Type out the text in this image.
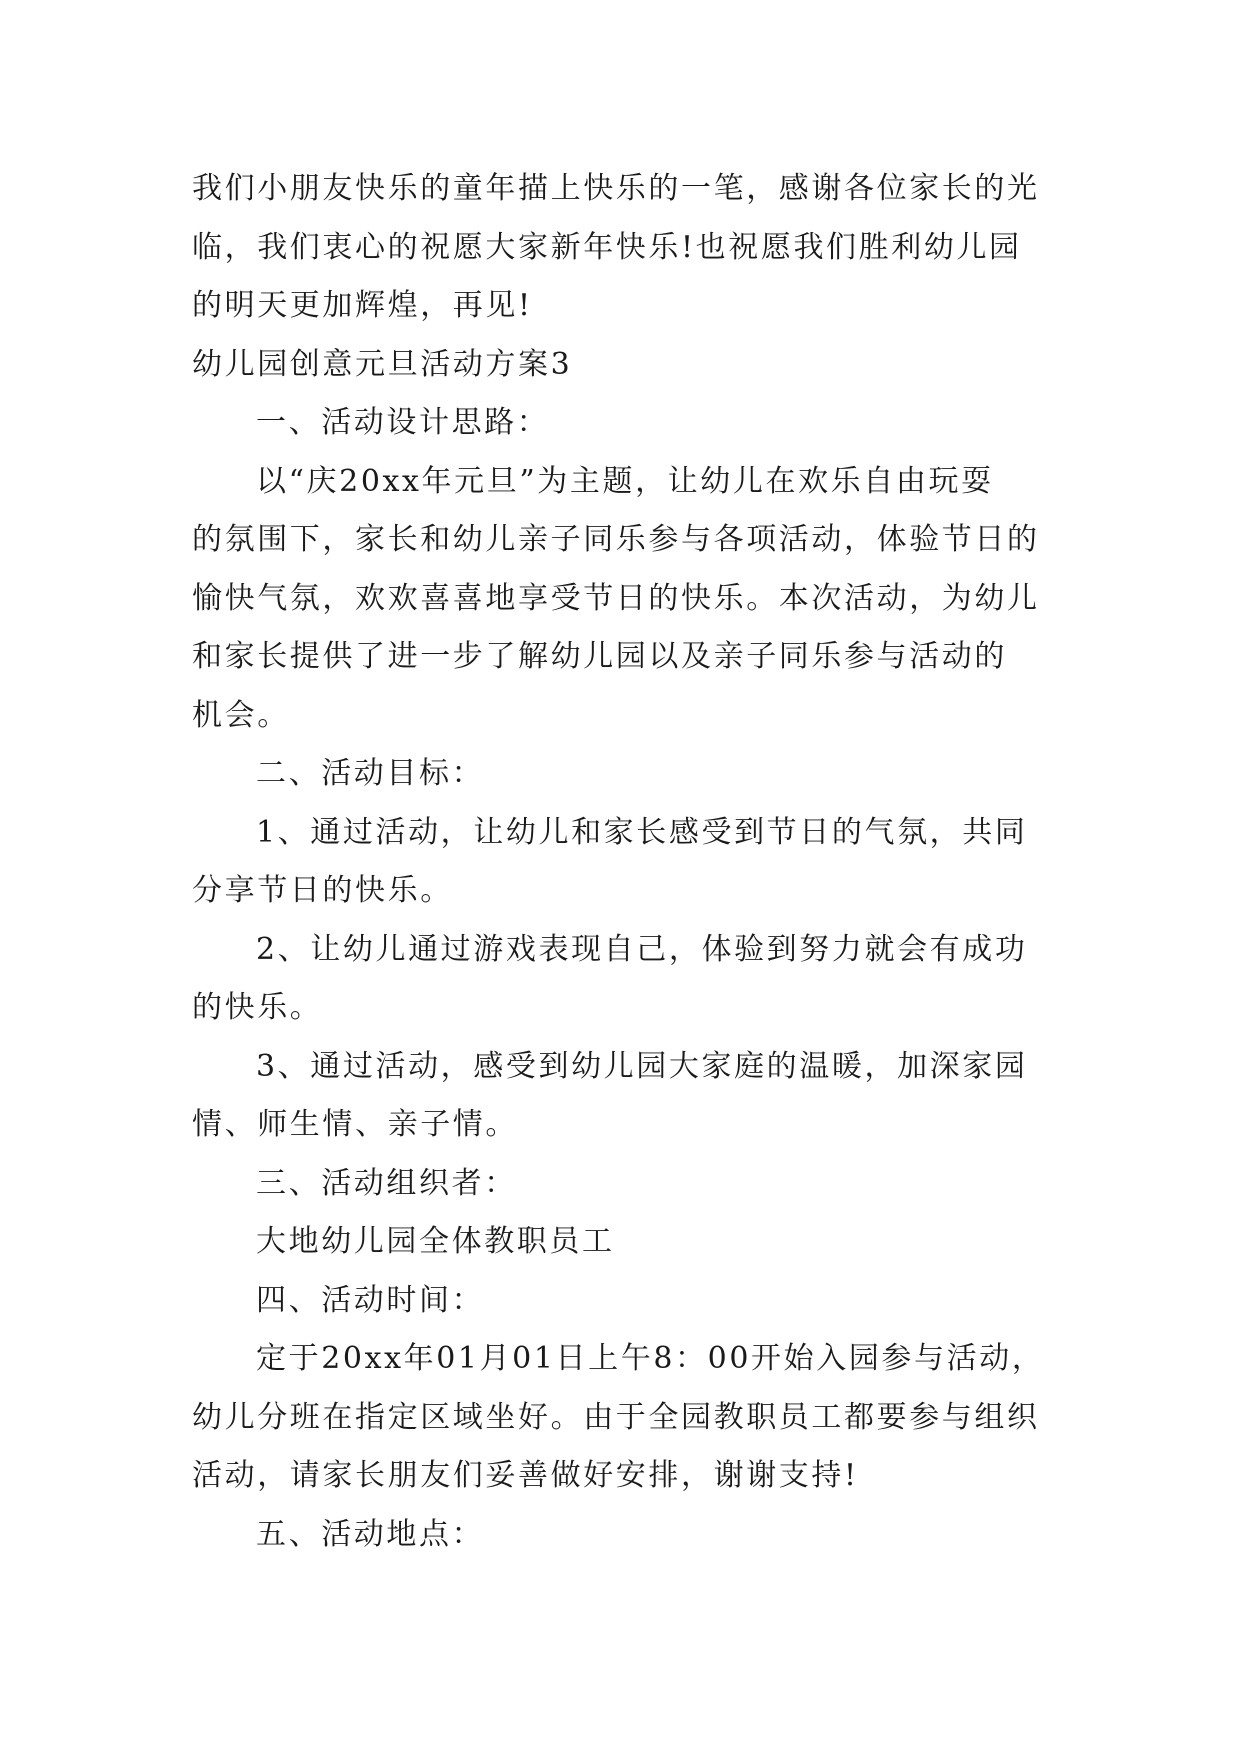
我们小朋友快乐的童年描上快乐的一笔，感谢各位家长的光
临，我们衷心的祝愿大家新年快乐!也祝愿我们胜利幼儿园
的明天更加辉煌，再见!
幼儿园创意元旦活动方案3
一、活动设计思路：
以“庆20xx年元旦”为主题，让幼儿在欢乐自由玩耍
的氛围下，家长和幼儿亲子同乐参与各项活动，体验节日的
愉快气氛，欢欢喜喜地享受节日的快乐。本次活动，为幼儿
和家长提供了进一步了解幼儿园以及亲子同乐参与活动的
机会。
二、活动目标：
1、通过活动，让幼儿和家长感受到节日的气氛，共同
分享节日的快乐。
2、让幼儿通过游戏表现自己，体验到努力就会有成功
的快乐。
3、通过活动，感受到幼儿园大家庭的温暖，加深家园
情、师生情、亲子情。
三、活动组织者：
大地幼儿园全体教职员工
四、活动时间：
定于20xx年01月01日上午8：00开始入园参与活动，
幼儿分班在指定区域坐好。由于全园教职员工都要参与组织
活动，请家长朋友们妥善做好安排，谢谢支持!
五、活动地点：
